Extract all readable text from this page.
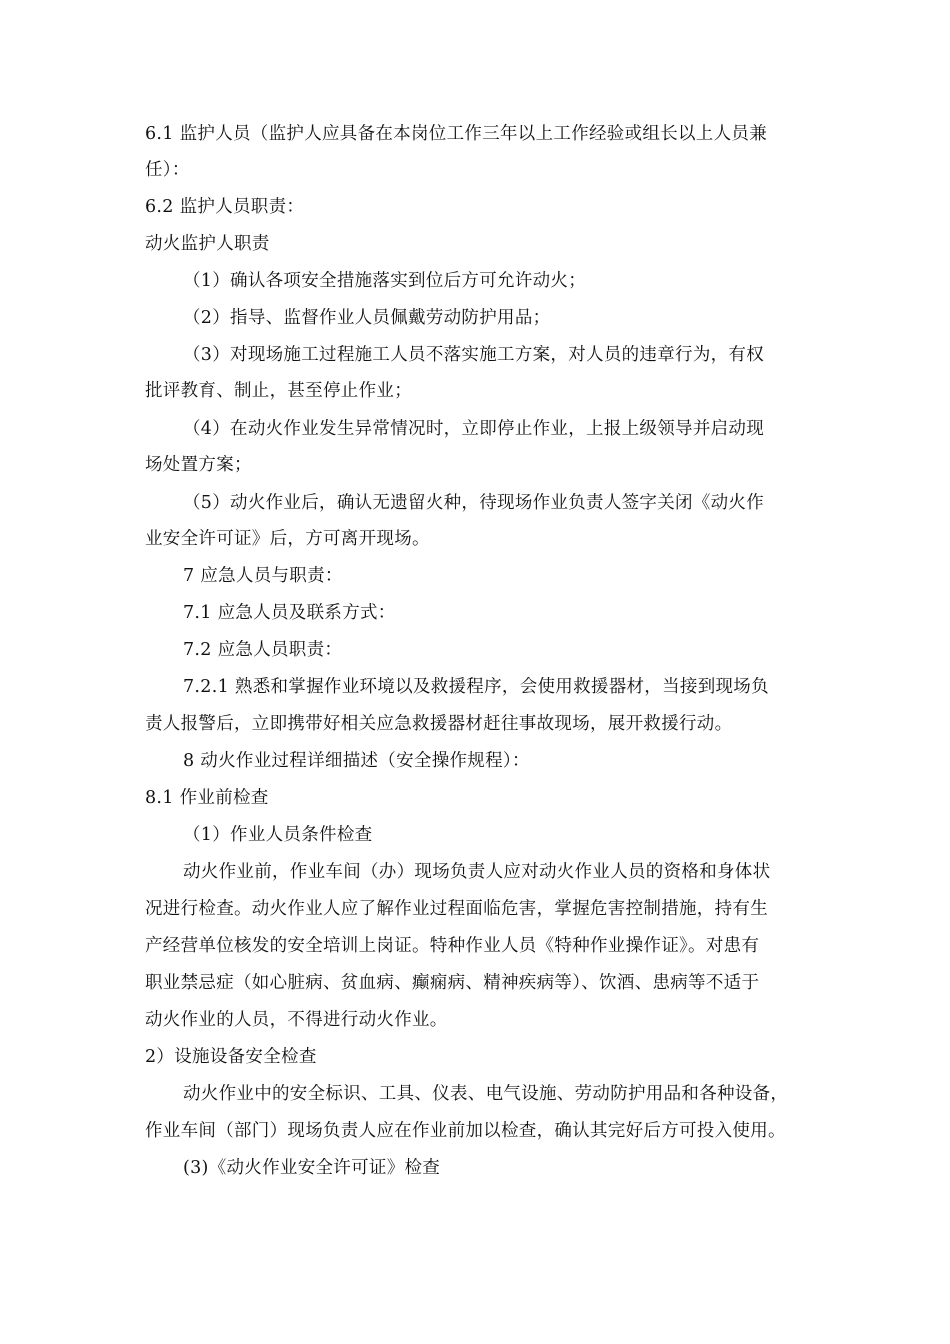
6.1 监护人员（监护人应具备在本岗位工作三年以上工作经验或组长以上人员兼
任）：
6.2 监护人员职责：
动火监护人职责
（1）确认各项安全措施落实到位后方可允许动火；
（2）指导、监督作业人员佩戴劳动防护用品；
（3）对现场施工过程施工人员不落实施工方案，对人员的违章行为，有权
批评教育、制止，甚至停止作业；
（4）在动火作业发生异常情况时，立即停止作业，上报上级领导并启动现
场处置方案；
（5）动火作业后，确认无遗留火种，待现场作业负责人签字关闭《动火作
业安全许可证》后，方可离开现场。
7 应急人员与职责：
7.1 应急人员及联系方式：
7.2 应急人员职责：
7.2.1 熟悉和掌握作业环境以及救援程序，会使用救援器材，当接到现场负
责人报警后，立即携带好相关应急救援器材赶往事故现场，展开救援行动。
8 动火作业过程详细描述（安全操作规程）：
8.1 作业前检查
（1）作业人员条件检查
动火作业前，作业车间（办）现场负责人应对动火作业人员的资格和身体状
况进行检查。动火作业人应了解作业过程面临危害，掌握危害控制措施，持有生
产经营单位核发的安全培训上岗证。特种作业人员《特种作业操作证》。对患有
职业禁忌症（如心脏病、贫血病、癫痫病、精神疾病等）、饮酒、患病等不适于
动火作业的人员，不得进行动火作业。
2）设施设备安全检查
动火作业中的安全标识、工具、仪表、电气设施、劳动防护用品和各种设备，
作业车间（部门）现场负责人应在作业前加以检查，确认其完好后方可投入使用。
(3)《动火作业安全许可证》检查
